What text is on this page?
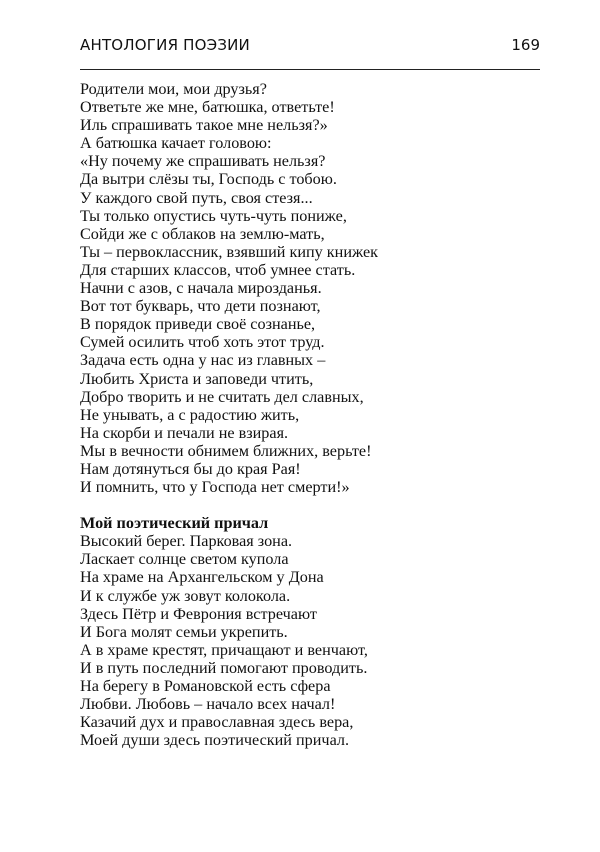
АНТОЛОГИЯ ПОЭЗИИ	169
Родители мои, мои друзья?
Ответьте же мне, батюшка, ответьте!
Иль спрашивать такое мне нельзя?»
А батюшка качает головою:
«Ну почему же спрашивать нельзя?
Да вытри слёзы ты, Господь с тобою.
У каждого свой путь, своя стезя...
Ты только опустись чуть-чуть пониже,
Сойди же с облаков на землю-мать,
Ты – первоклассник, взявший кипу книжек
Для старших классов, чтоб умнее стать.
Начни с азов, с начала мирозданья.
Вот тот букварь, что дети познают,
В порядок приведи своё сознанье,
Сумей осилить чтоб хоть этот труд.
Задача есть одна у нас из главных –
Любить Христа и заповеди чтить,
Добро творить и не считать дел славных,
Не унывать, а с радостию жить,
На скорби и печали не взирая.
Мы в вечности обнимем ближних, верьте!
Нам дотянуться бы до края Рая!
И помнить, что у Господа нет смерти!»
Мой поэтический причал
Высокий берег. Парковая зона.
Ласкает солнце светом купола
На храме на Архангельском у Дона
И к службе уж зовут колокола.
Здесь Пётр и Феврония встречают
И Бога молят семьи укрепить.
А в храме крестят, причащают и венчают,
И в путь последний помогают проводить.
На берегу в Романовской есть сфера
Любви. Любовь – начало всех начал!
Казачий дух и православная здесь вера,
Моей души здесь поэтический причал.
